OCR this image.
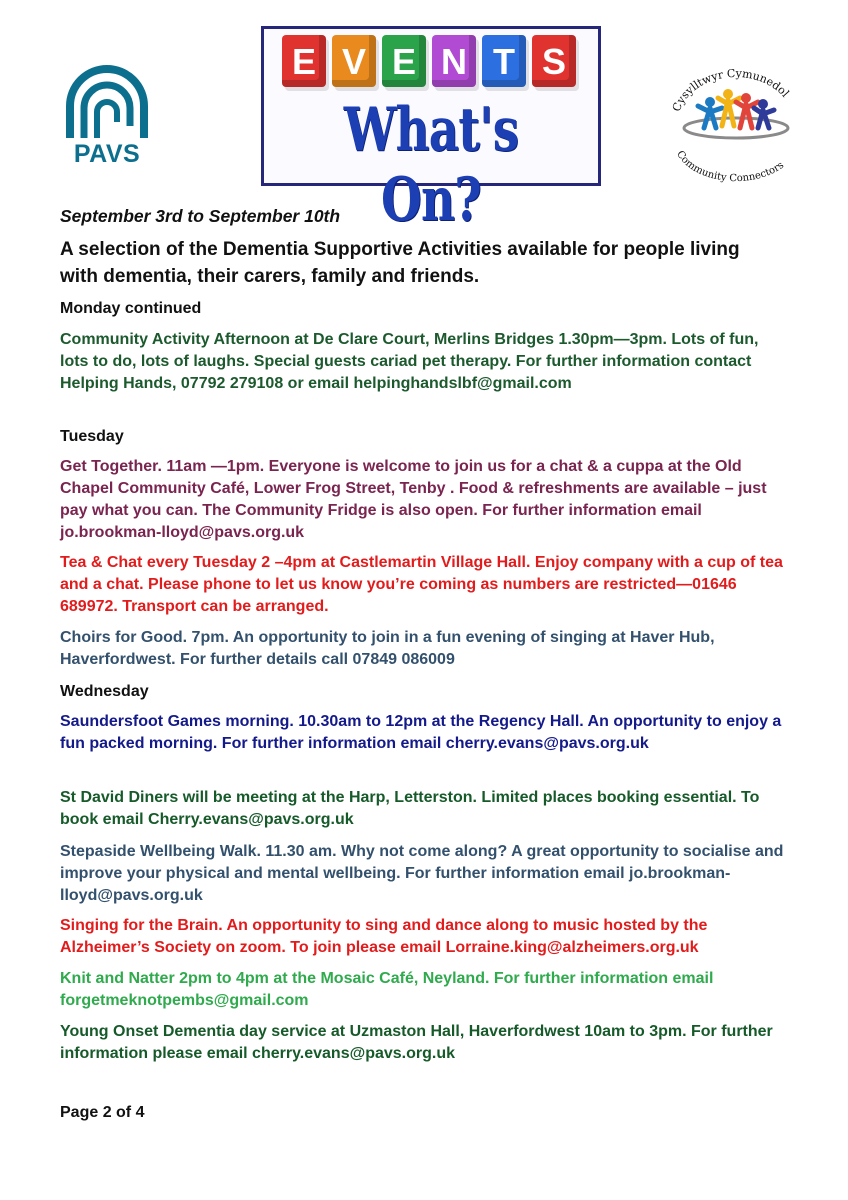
PAVS
E V E N T S
What's On?
Cysylltwyr Cymunedol
Community Connectors
September 3rd to September 10th
A selection of the Dementia Supportive Activities available for people living with dementia, their carers, family and friends.
Monday continued
Community Activity Afternoon at De Clare Court, Merlins Bridges 1.30pm—3pm. Lots of fun, lots to do, lots of laughs. Special guests cariad pet therapy. For further information contact Helping Hands, 07792 279108 or email helpinghandslbf@gmail.com
Tuesday
Get Together. 11am —1pm. Everyone is welcome to join us for a chat & a cuppa at the Old Chapel Community Café, Lower Frog Street, Tenby . Food & refreshments are available – just pay what you can. The Community Fridge is also open. For further information email jo.brookman-lloyd@pavs.org.uk
Tea & Chat every Tuesday 2 –4pm at Castlemartin Village Hall. Enjoy company with a cup of tea and a chat. Please phone to let us know you’re coming as numbers are restricted—01646 689972. Transport can be arranged.
Choirs for Good. 7pm. An opportunity to join in a fun evening of singing at Haver Hub, Haverfordwest. For further details call 07849 086009
Wednesday
Saundersfoot Games morning. 10.30am to 12pm at the Regency Hall. An opportunity to enjoy a fun packed morning. For further information email cherry.evans@pavs.org.uk
St David Diners will be meeting at the Harp, Letterston. Limited places booking essential. To book email Cherry.evans@pavs.org.uk
Stepaside Wellbeing Walk. 11.30 am. Why not come along? A great opportunity to socialise and improve your physical and mental wellbeing. For further information email jo.brookman-lloyd@pavs.org.uk
Singing for the Brain. An opportunity to sing and dance along to music hosted by the Alzheimer’s Society on zoom. To join please email Lorraine.king@alzheimers.org.uk
Knit and Natter 2pm to 4pm at the Mosaic Café, Neyland. For further information email forgetmeknotpembs@gmail.com
Young Onset Dementia day service at Uzmaston Hall, Haverfordwest 10am to 3pm. For further information please email cherry.evans@pavs.org.uk
Page 2 of 4
